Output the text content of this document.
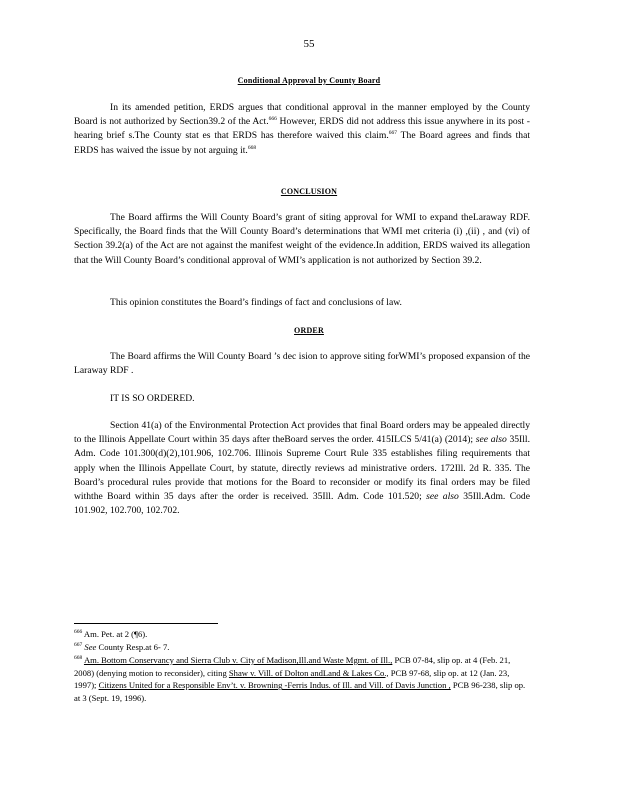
55
Conditional Approval by County Board

In its amended petition, ERDS argues that conditional approval in the manner employed by the County Board is not authorized by Section39.2 of the Act.$^{666}$ However, ERDS did not address this issue anywhere in its post - hearing brief s.The County stat es that ERDS has therefore waived this claim.$^{667}$ The Board agrees and finds that ERDS has waived the issue by not arguing it.$^{668}$

CONCLUSION

The Board affirms the Will County Board’s grant of siting approval for WMI to expand theLaraway RDF. Specifically, the Board finds that the Will County Board’s determinations that WMI met criteria (i) ,(ii) , and (vi) of Section 39.2(a) of the Act are not against the manifest weight of the evidence.In addition, ERDS waived its allegation that the Will County Board’s conditional approval of WMI’s application is not authorized by Section 39.2.

This opinion constitutes the Board’s findings of fact and conclusions of law.

ORDER

The Board affirms the Will County Board ’s dec ision to approve siting forWMI’s proposed expansion of the Laraway RDF .

IT IS SO ORDERED.

Section 41(a) of the Environmental Protection Act provides that final Board orders may be appealed directly to the Illinois Appellate Court within 35 days after theBoard serves the order. 415ILCS 5/41(a) (2014); see also 35Ill. Adm. Code 101.300(d)(2),101.906, 102.706. Illinois Supreme Court Rule 335 establishes filing requirements that apply when the Illinois Appellate Court, by statute, directly reviews ad ministrative orders. 172Ill. 2d R. 335. The Board’s procedural rules provide that motions for the Board to reconsider or modify its final orders may be filed withthe Board within 35 days after the order is received. 35Ill. Adm. Code 101.520; see also 35Ill.Adm. Code 101.902, 102.700, 102.702.

$^{666}$ Am. Pet. at 2 (¶6).

$^{667}$ See County Resp.at 6- 7.

$^{668}$ Am. Bottom Conservancy and Sierra Club v. City of Madison,Ill.and Waste Mgmt. of Ill., PCB 07-84, slip op. at 4 (Feb. 21, 2008) (denying motion to reconsider), citing Shaw v. Vill. of Dolton andLand & Lakes Co., PCB 97-68, slip op. at 12 (Jan. 23, 1997); Citizens United for a Responsible Env’t. v. Browning -Ferris Indus. of Ill. and Vill. of Davis Junction , PCB 96-238, slip op. at 3 (Sept. 19, 1996).
